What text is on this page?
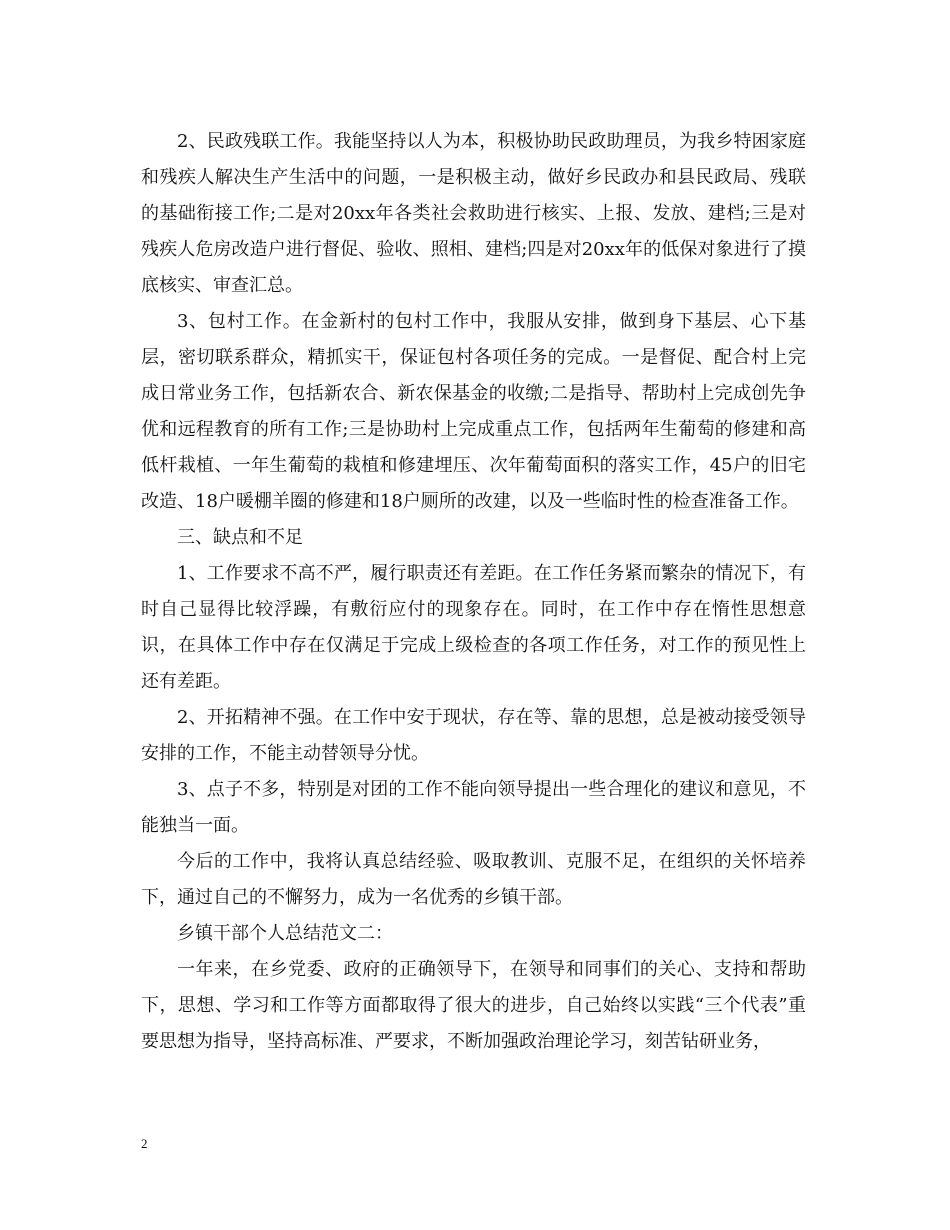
2、民政残联工作。我能坚持以人为本，积极协助民政助理员，为我乡特困家庭和残疾人解决生产生活中的问题，一是积极主动，做好乡民政办和县民政局、残联的基础衔接工作;二是对20xx年各类社会救助进行核实、上报、发放、建档;三是对残疾人危房改造户进行督促、验收、照相、建档;四是对20xx年的低保对象进行了摸底核实、审查汇总。

3、包村工作。在金新村的包村工作中，我服从安排，做到身下基层、心下基层，密切联系群众，精抓实干，保证包村各项任务的完成。一是督促、配合村上完成日常业务工作，包括新农合、新农保基金的收缴;二是指导、帮助村上完成创先争优和远程教育的所有工作;三是协助村上完成重点工作，包括两年生葡萄的修建和高低杆栽植、一年生葡萄的栽植和修建埋压、次年葡萄面积的落实工作，45户的旧宅改造、18户暖棚羊圈的修建和18户厕所的改建，以及一些临时性的检查准备工作。

三、缺点和不足

1、工作要求不高不严，履行职责还有差距。在工作任务紧而繁杂的情况下，有时自己显得比较浮躁，有敷衍应付的现象存在。同时，在工作中存在惰性思想意识，在具体工作中存在仅满足于完成上级检查的各项工作任务，对工作的预见性上还有差距。

2、开拓精神不强。在工作中安于现状，存在等、靠的思想，总是被动接受领导安排的工作，不能主动替领导分忧。

3、点子不多，特别是对团的工作不能向领导提出一些合理化的建议和意见，不能独当一面。

今后的工作中，我将认真总结经验、吸取教训、克服不足，在组织的关怀培养下，通过自己的不懈努力，成为一名优秀的乡镇干部。

乡镇干部个人总结范文二：

一年来，在乡党委、政府的正确领导下，在领导和同事们的关心、支持和帮助下，思想、学习和工作等方面都取得了很大的进步，自己始终以实践“三个代表”重要思想为指导，坚持高标准、严要求，不断加强政治理论学习，刻苦钻研业务，

2
